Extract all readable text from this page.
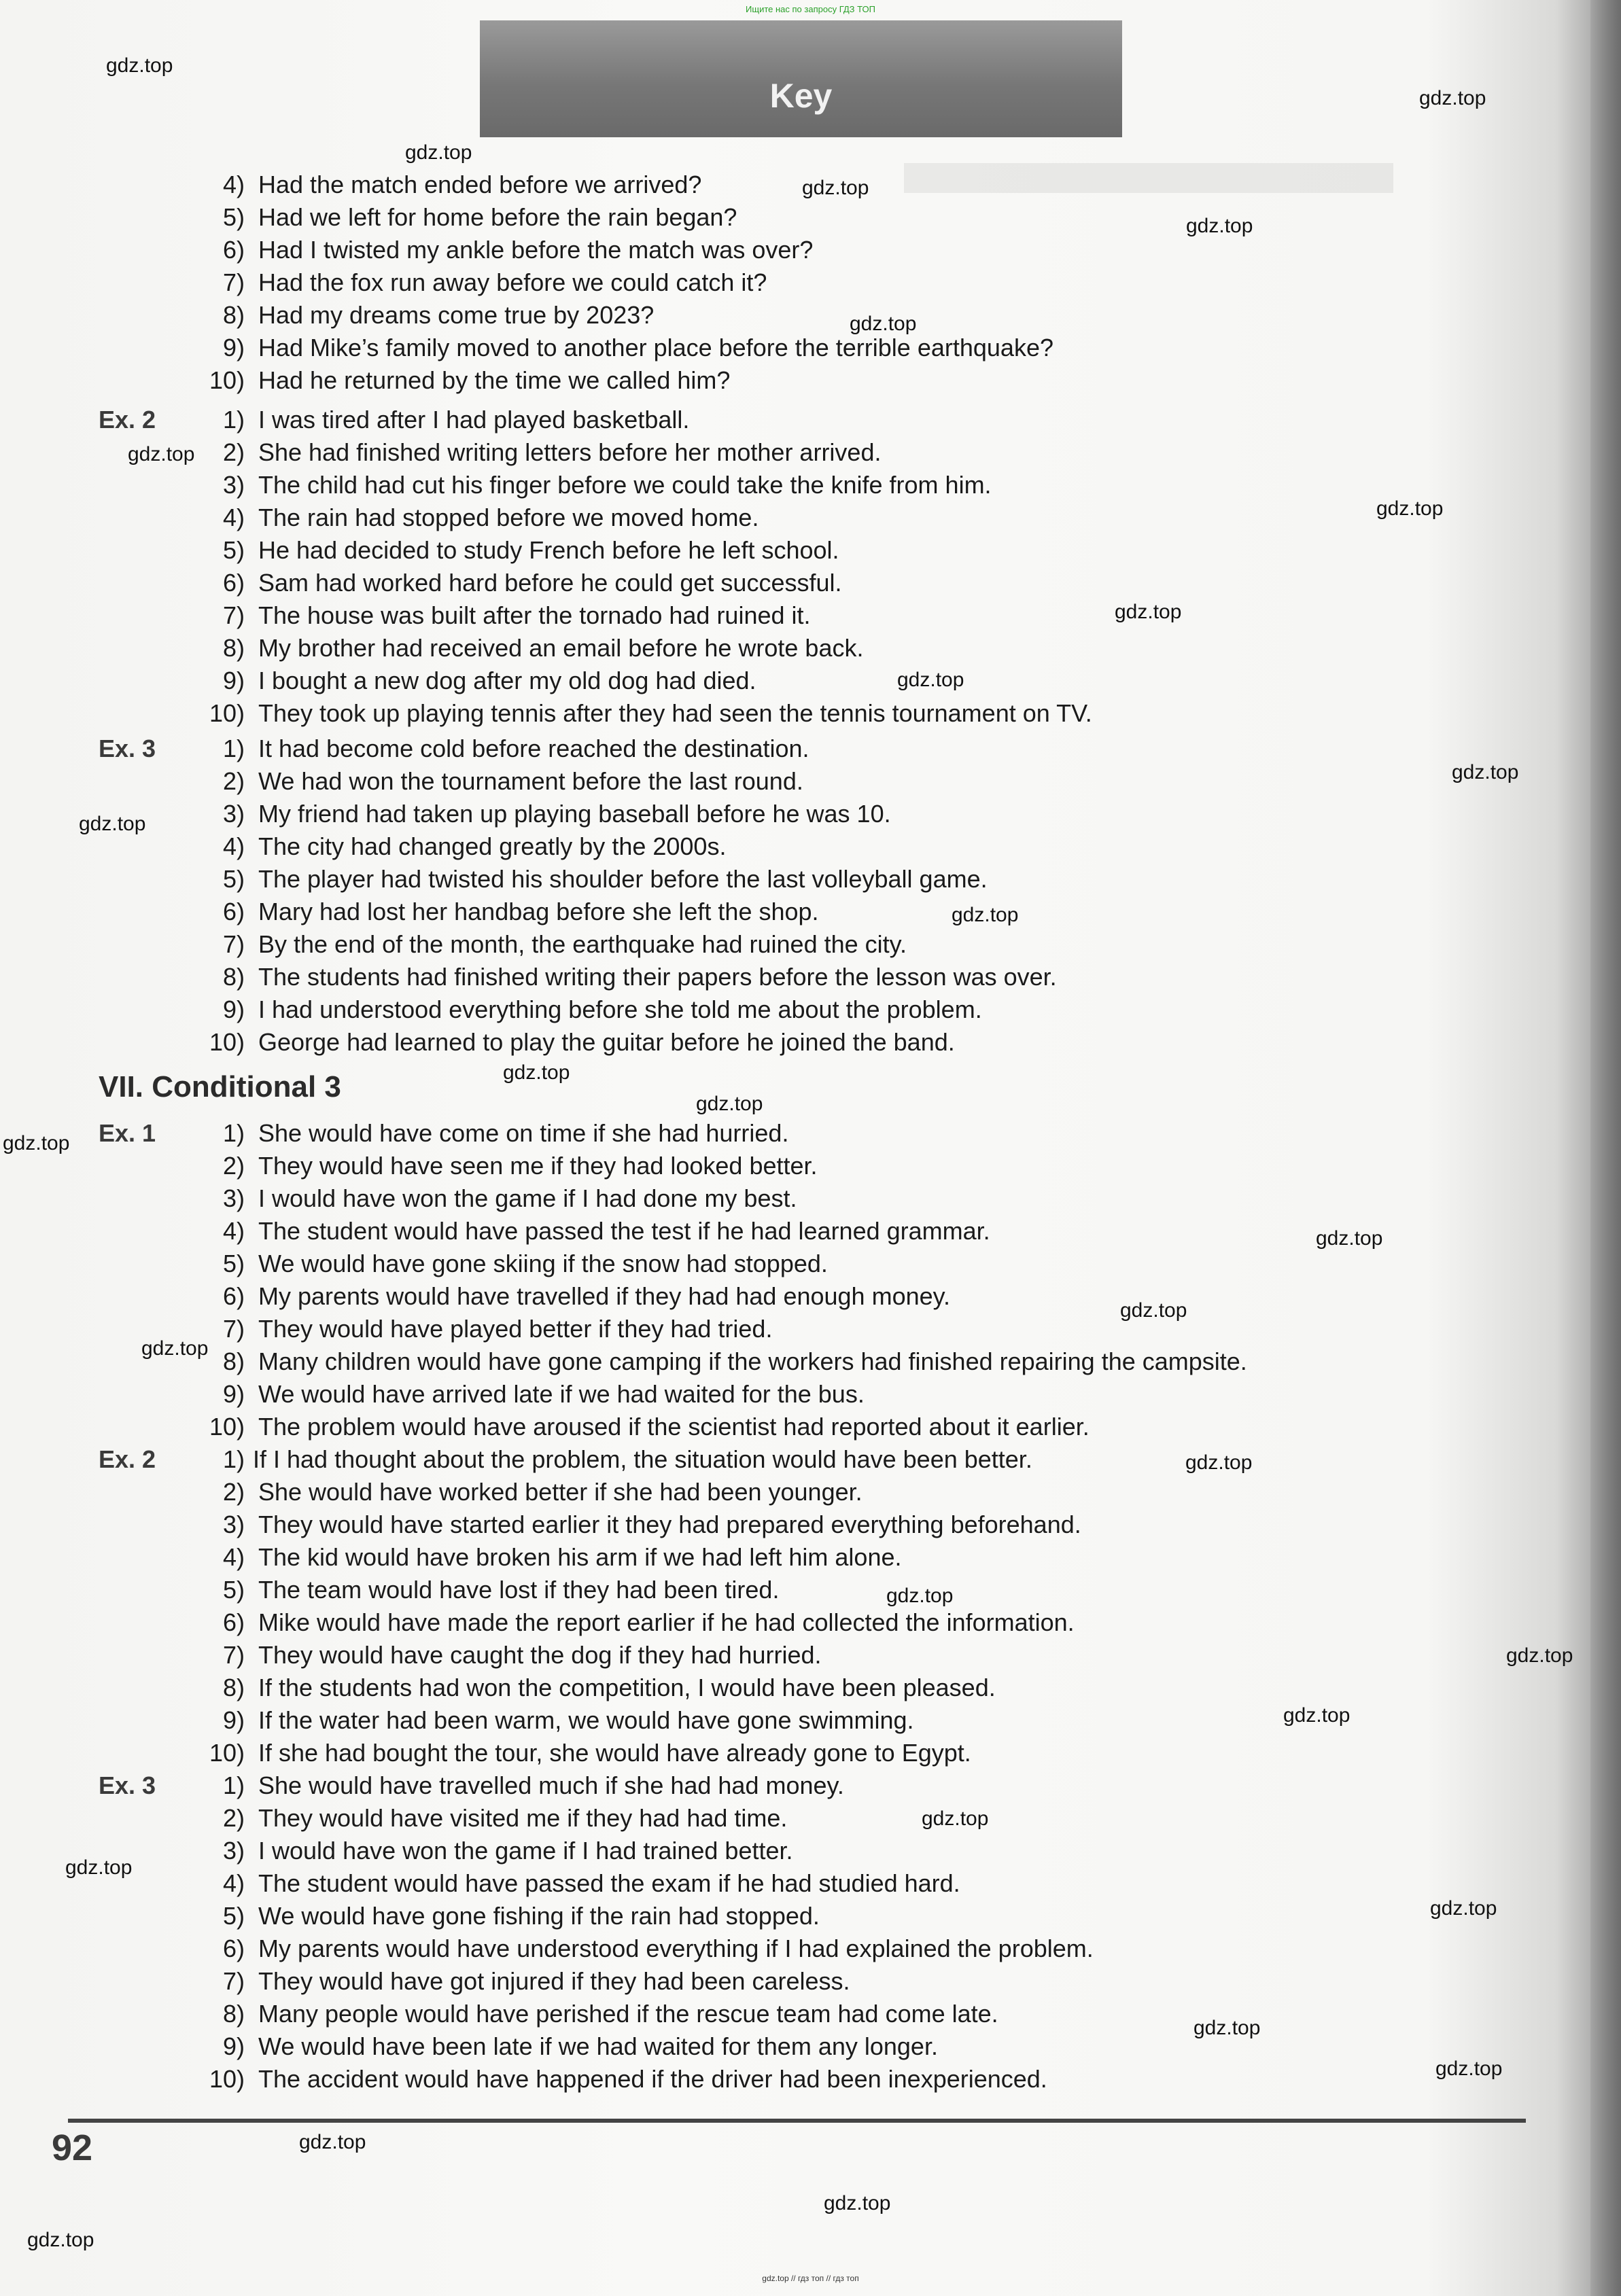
Ищите нас по запросу ГДЗ ТОП
Key
4) Had the match ended before we arrived?
5) Had we left for home before the rain began?
6) Had I twisted my ankle before the match was over?
7) Had the fox run away before we could catch it?
8) Had my dreams come true by 2023?
9) Had Mike’s family moved to another place before the terrible earthquake?
10) Had he returned by the time we called him?
Ex. 2	1) I was tired after I had played basketball.
2) She had finished writing letters before her mother arrived.
3) The child had cut his finger before we could take the knife from him.
4) The rain had stopped before we moved home.
5) He had decided to study French before he left school.
6) Sam had worked hard before he could get successful.
7) The house was built after the tornado had ruined it.
8) My brother had received an email before he wrote back.
9) I bought a new dog after my old dog had died.
10) They took up playing tennis after they had seen the tennis tournament on TV.
Ex. 3	1) It had become cold before reached the destination.
2) We had won the tournament before the last round.
3) My friend had taken up playing baseball before he was 10.
4) The city had changed greatly by the 2000s.
5) The player had twisted his shoulder before the last volleyball game.
6) Mary had lost her handbag before she left the shop.
7) By the end of the month, the earthquake had ruined the city.
8) The students had finished writing their papers before the lesson was over.
9) I had understood everything before she told me about the problem.
10) George had learned to play the guitar before he joined the band.
VII. Conditional 3
Ex. 1	1) She would have come on time if she had hurried.
2) They would have seen me if they had looked better.
3) I would have won the game if I had done my best.
4) The student would have passed the test if he had learned grammar.
5) We would have gone skiing if the snow had stopped.
6) My parents would have travelled if they had had enough money.
7) They would have played better if they had tried.
8) Many children would have gone camping if the workers had finished repairing the campsite.
9) We would have arrived late if we had waited for the bus.
10) The problem would have aroused if the scientist had reported about it earlier.
Ex. 2	1) If I had thought about the problem, the situation would have been better.
2) She would have worked better if she had been younger.
3) They would have started earlier it they had prepared everything beforehand.
4) The kid would have broken his arm if we had left him alone.
5) The team would have lost if they had been tired.
6) Mike would have made the report earlier if he had collected the information.
7) They would have caught the dog if they had hurried.
8) If the students had won the competition, I would have been pleased.
9) If the water had been warm, we would have gone swimming.
10) If she had bought the tour, she would have already gone to Egypt.
Ex. 3	1) She would have travelled much if she had had money.
2) They would have visited me if they had had time.
3) I would have won the game if I had trained better.
4) The student would have passed the exam if he had studied hard.
5) We would have gone fishing if the rain had stopped.
6) My parents would have understood everything if I had explained the problem.
7) They would have got injured if they had been careless.
8) Many people would have perished if the rescue team had come late.
9) We would have been late if we had waited for them any longer.
10) The accident would have happened if the driver had been inexperienced.
92
gdz.top
gdz.top
gdz.top
gdz.top
gdz.top
gdz.top
gdz.top
gdz.top
gdz.top
gdz.top
gdz.top
gdz.top
gdz.top
gdz.top
gdz.top
gdz.top
gdz.top
gdz.top
gdz.top
gdz.top
gdz.top
gdz.top
gdz.top
gdz.top
gdz.top
gdz.top
gdz.top
gdz.top
gdz.top
gdz.top
gdz.top
gdz.top // гдз топ // гдз топ
